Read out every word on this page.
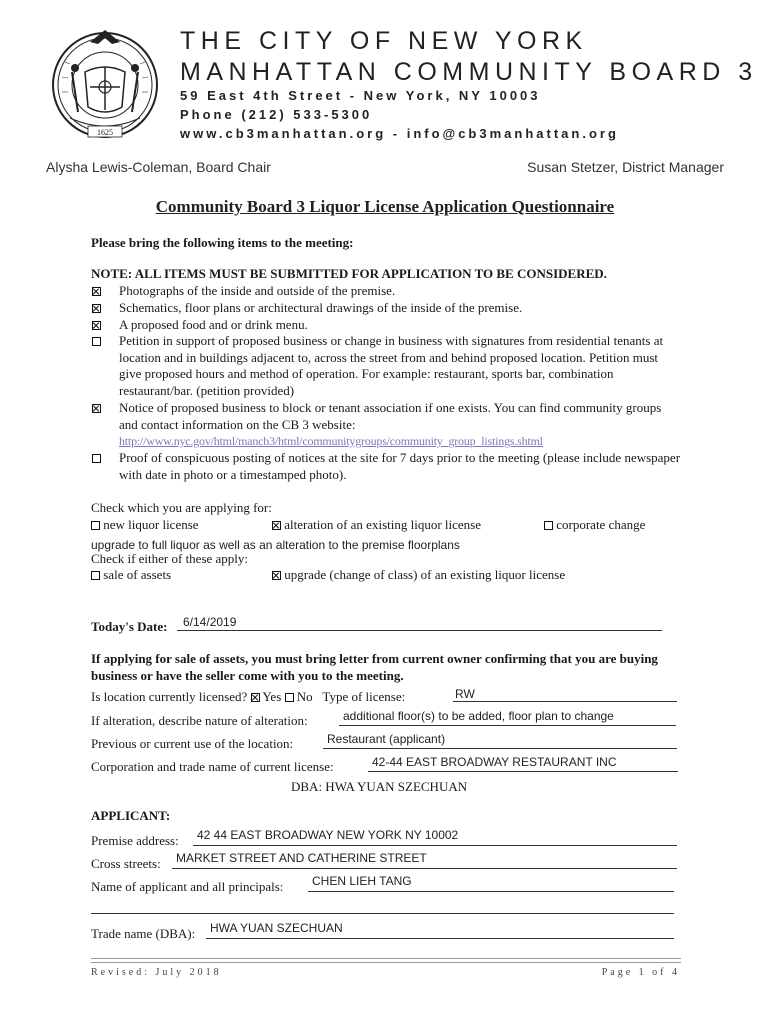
1625
THE CITY OF NEW YORK
MANHATTAN COMMUNITY BOARD 3
59 East 4th Street - New York, NY 10003
Phone (212) 533-5300
www.cb3manhattan.org - info@cb3manhattan.org
Alysha Lewis-Coleman, Board Chair	Susan Stetzer, District Manager
Community Board 3 Liquor License Application Questionnaire
Please bring the following items to the meeting:
NOTE: ALL ITEMS MUST BE SUBMITTED FOR APPLICATION TO BE CONSIDERED.
Photographs of the inside and outside of the premise.
Schematics, floor plans or architectural drawings of the inside of the premise.
A proposed food and or drink menu.
Petition in support of proposed business or change in business with signatures from residential tenants at location and in buildings adjacent to, across the street from and behind proposed location. Petition must give proposed hours and method of operation. For example: restaurant, sports bar, combination restaurant/bar. (petition provided)
Notice of proposed business to block or tenant association if one exists. You can find community groups and contact information on the CB 3 website:
http://www.nyc.gov/html/mancb3/html/communitygroups/community_group_listings.shtml
Proof of conspicuous posting of notices at the site for 7 days prior to the meeting (please include newspaper with date in photo or a timestamped photo).
Check which you are applying for:
new liquor license	alteration of an existing liquor license	corporate change
upgrade to full liquor as well as an alteration to the premise floorplans
Check if either of these apply:
sale of assets	upgrade (change of class) of an existing liquor license
Today's Date: 6/14/2019
If applying for sale of assets, you must bring letter from current owner confirming that you are buying business or have the seller come with you to the meeting.
Is location currently licensed? Yes No Type of license:	RW
If alteration, describe nature of alteration:	additional floor(s) to be added, floor plan to change
Previous or current use of the location:	Restaurant (applicant)
Corporation and trade name of current license:	42-44 EAST BROADWAY RESTAURANT INC
DBA: HWA YUAN SZECHUAN
APPLICANT:
Premise address: 42 44 EAST BROADWAY NEW YORK NY 10002
Cross streets: MARKET STREET AND CATHERINE STREET
Name of applicant and all principals: CHEN LIEH TANG
Trade name (DBA): HWA YUAN SZECHUAN
Revised: July 2018	Page 1 of 4
